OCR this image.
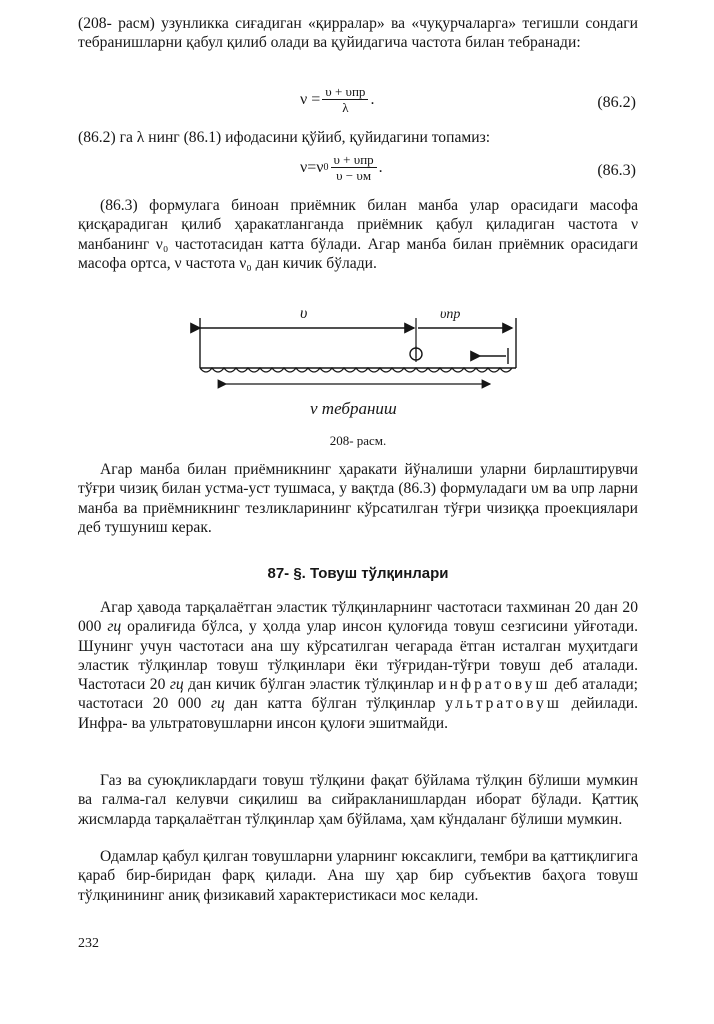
(208- расм) узунликка сиғадиган «қирралар» ва «чуқурчаларга» тегишли сондаги тебранишларни қабул қилиб олади ва қуйидагича частота билан тебранади:

$\nu = \frac{\text{υ + υпр}}{\lambda}$ .	(86.2)

(86.2) га λ нинг (86.1) ифодасини қўйиб, қуйидагини топамиз:

ν=ν $0 \frac{\text{υ + υпр}}{\upsilon - \upsilon м}$ .	(86.3)

(86.3) формулага биноан приёмник билан манба улар орасидаги масофа қисқарадиган қилиб ҳаракатланганда приёмник қабул қиладиган частота ν манбанинг ν₀ частотасидан катта бўлади. Агар манба билан приёмник орасидаги масофа ортса, ν частота ν₀ дан кичик бўлади.

υ	υпр
ν тебраниш
208- расм.

Агар манба билан приёмникнинг ҳаракати йўналиши уларни бирлаштирувчи тўғри чизиқ билан устма-уст тушмаса, у вақтда (86.3) формуладаги υм ва υпр ларни манба ва приёмникнинг тезликларининг кўрсатилган тўғри чизиққа проекциялари деб тушуниш керак.

87- §. Товуш тўлқинлари

Агар ҳавода тарқалаётган эластик тўлқинларнинг частотаси тахминан 20 дан 20 000 гц оралиғида бўлса, у ҳолда улар инсон қулоғида товуш сезгисини уйғотади. Шунинг учун частотаси ана шу кўрсатилган чегарада ётган исталган муҳитдаги эластик тўлқинлар товуш тўлқинлари ёки тўғридан-тўғри товуш деб аталади. Частотаси 20 гц дан кичик бўлган эластик тўлқинлар инфратовуш деб аталади; частотаси 20 000 гц дан катта бўлган тўлқинлар ультратовуш дейилади. Инфра- ва ультратовушларни инсон қулоғи эшитмайди.

Газ ва суюқликлардаги товуш тўлқини фақат бўйлама тўлқин бўлиши мумкин ва галма-гал келувчи сиқилиш ва сийракланишлардан иборат бўлади. Қаттиқ жисмларда тарқалаётган тўлқинлар ҳам бўйлама, ҳам кўндаланг бўлиши мумкин.

Одамлар қабул қилган товушларни уларнинг юксаклиги, тембри ва қаттиқлигига қараб бир-биридан фарқ қилади. Ана шу ҳар бир субъектив баҳога товуш тўлқинининг аниқ физикавий характеристикаси мос келади.

232
